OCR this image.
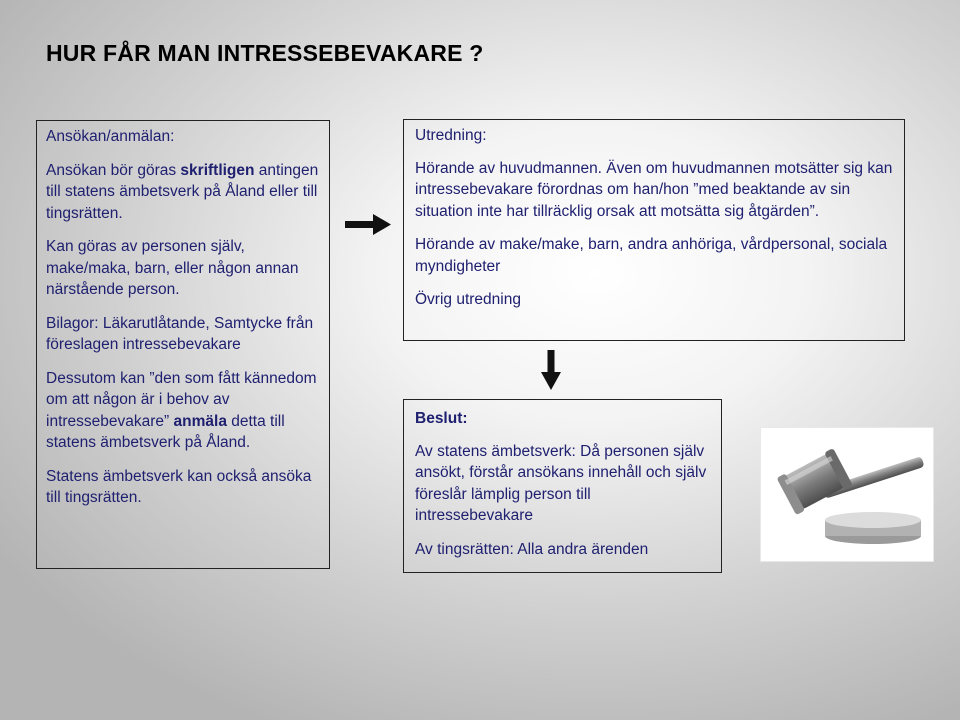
HUR FÅR MAN INTRESSEBEVAKARE ?

Ansökan/anmälan:

Ansökan bör göras skriftligen antingen till statens ämbetsverk på Åland eller till tingsrätten.

Kan göras av personen själv, make/maka, barn, eller någon annan närstående person.

Bilagor: Läkarutlåtande, Samtycke från föreslagen intressebevakare

Dessutom kan ”den som fått kännedom om att någon är i behov av intressebevakare” anmäla detta till statens ämbetsverk på Åland.

Statens ämbetsverk kan också ansöka till tingsrätten.

Utredning:

Hörande av huvudmannen. Även om huvudmannen motsätter sig kan intressebevakare förordnas om han/hon ”med beaktande av sin situation inte har tillräcklig orsak att motsätta sig åtgärden”.

Hörande av make/make, barn, andra anhöriga, vårdpersonal, sociala myndigheter

Övrig utredning

Beslut:

Av statens ämbetsverk: Då personen själv ansökt, förstår ansökans innehåll och själv föreslår lämplig person till intressebevakare

Av tingsrätten: Alla andra ärenden
